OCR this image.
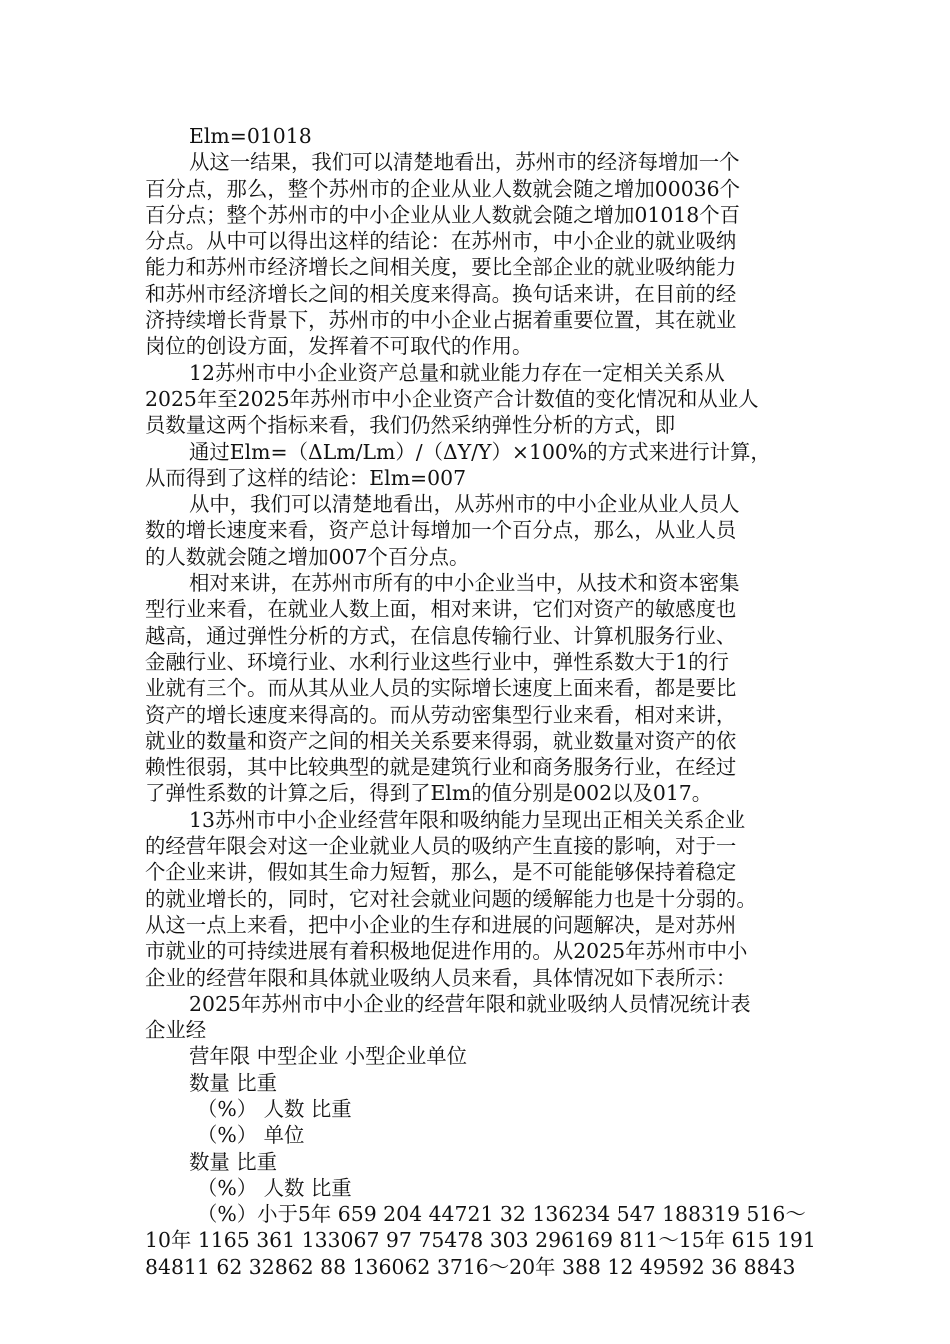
Elm=01018
从这一结果，我们可以清楚地看出，苏州市的经济每增加一个
百分点，那么，整个苏州市的企业从业人数就会随之增加00036个
百分点；整个苏州市的中小企业从业人数就会随之增加01018个百
分点。从中可以得出这样的结论：在苏州市，中小企业的就业吸纳
能力和苏州市经济增长之间相关度，要比全部企业的就业吸纳能力
和苏州市经济增长之间的相关度来得高。换句话来讲，在目前的经
济持续增长背景下，苏州市的中小企业占据着重要位置，其在就业
岗位的创设方面，发挥着不可取代的作用。
12苏州市中小企业资产总量和就业能力存在一定相关关系从
2025年至2025年苏州市中小企业资产合计数值的变化情况和从业人
员数量这两个指标来看，我们仍然采纳弹性分析的方式，即
通过Elm=（ΔLm/Lm）/（ΔY/Y）×100%的方式来进行计算，
从而得到了这样的结论：Elm=007
从中，我们可以清楚地看出，从苏州市的中小企业从业人员人
数的增长速度来看，资产总计每增加一个百分点，那么，从业人员
的人数就会随之增加007个百分点。
相对来讲，在苏州市所有的中小企业当中，从技术和资本密集
型行业来看，在就业人数上面，相对来讲，它们对资产的敏感度也
越高，通过弹性分析的方式，在信息传输行业、计算机服务行业、
金融行业、环境行业、水利行业这些行业中，弹性系数大于1的行
业就有三个。而从其从业人员的实际增长速度上面来看，都是要比
资产的增长速度来得高的。而从劳动密集型行业来看，相对来讲，
就业的数量和资产之间的相关关系要来得弱，就业数量对资产的依
赖性很弱，其中比较典型的就是建筑行业和商务服务行业，在经过
了弹性系数的计算之后，得到了Elm的值分别是002以及017。
13苏州市中小企业经营年限和吸纳能力呈现出正相关关系企业
的经营年限会对这一企业就业人员的吸纳产生直接的影响，对于一
个企业来讲，假如其生命力短暂，那么，是不可能能够保持着稳定
的就业增长的，同时，它对社会就业问题的缓解能力也是十分弱的。
从这一点上来看，把中小企业的生存和进展的问题解决，是对苏州
市就业的可持续进展有着积极地促进作用的。从2025年苏州市中小
企业的经营年限和具体就业吸纳人员来看，具体情况如下表所示：
2025年苏州市中小企业的经营年限和就业吸纳人员情况统计表
企业经
营年限 中型企业 小型企业单位
数量 比重
（%） 人数 比重
（%） 单位
数量 比重
（%） 人数 比重
（%）小于5年 659 204 44721 32 136234 547 188319 516～
10年 1165 361 133067 97 75478 303 296169 811～15年 615 191
84811 62 32862 88 136062 3716～20年 388 12 49592 36 8843
